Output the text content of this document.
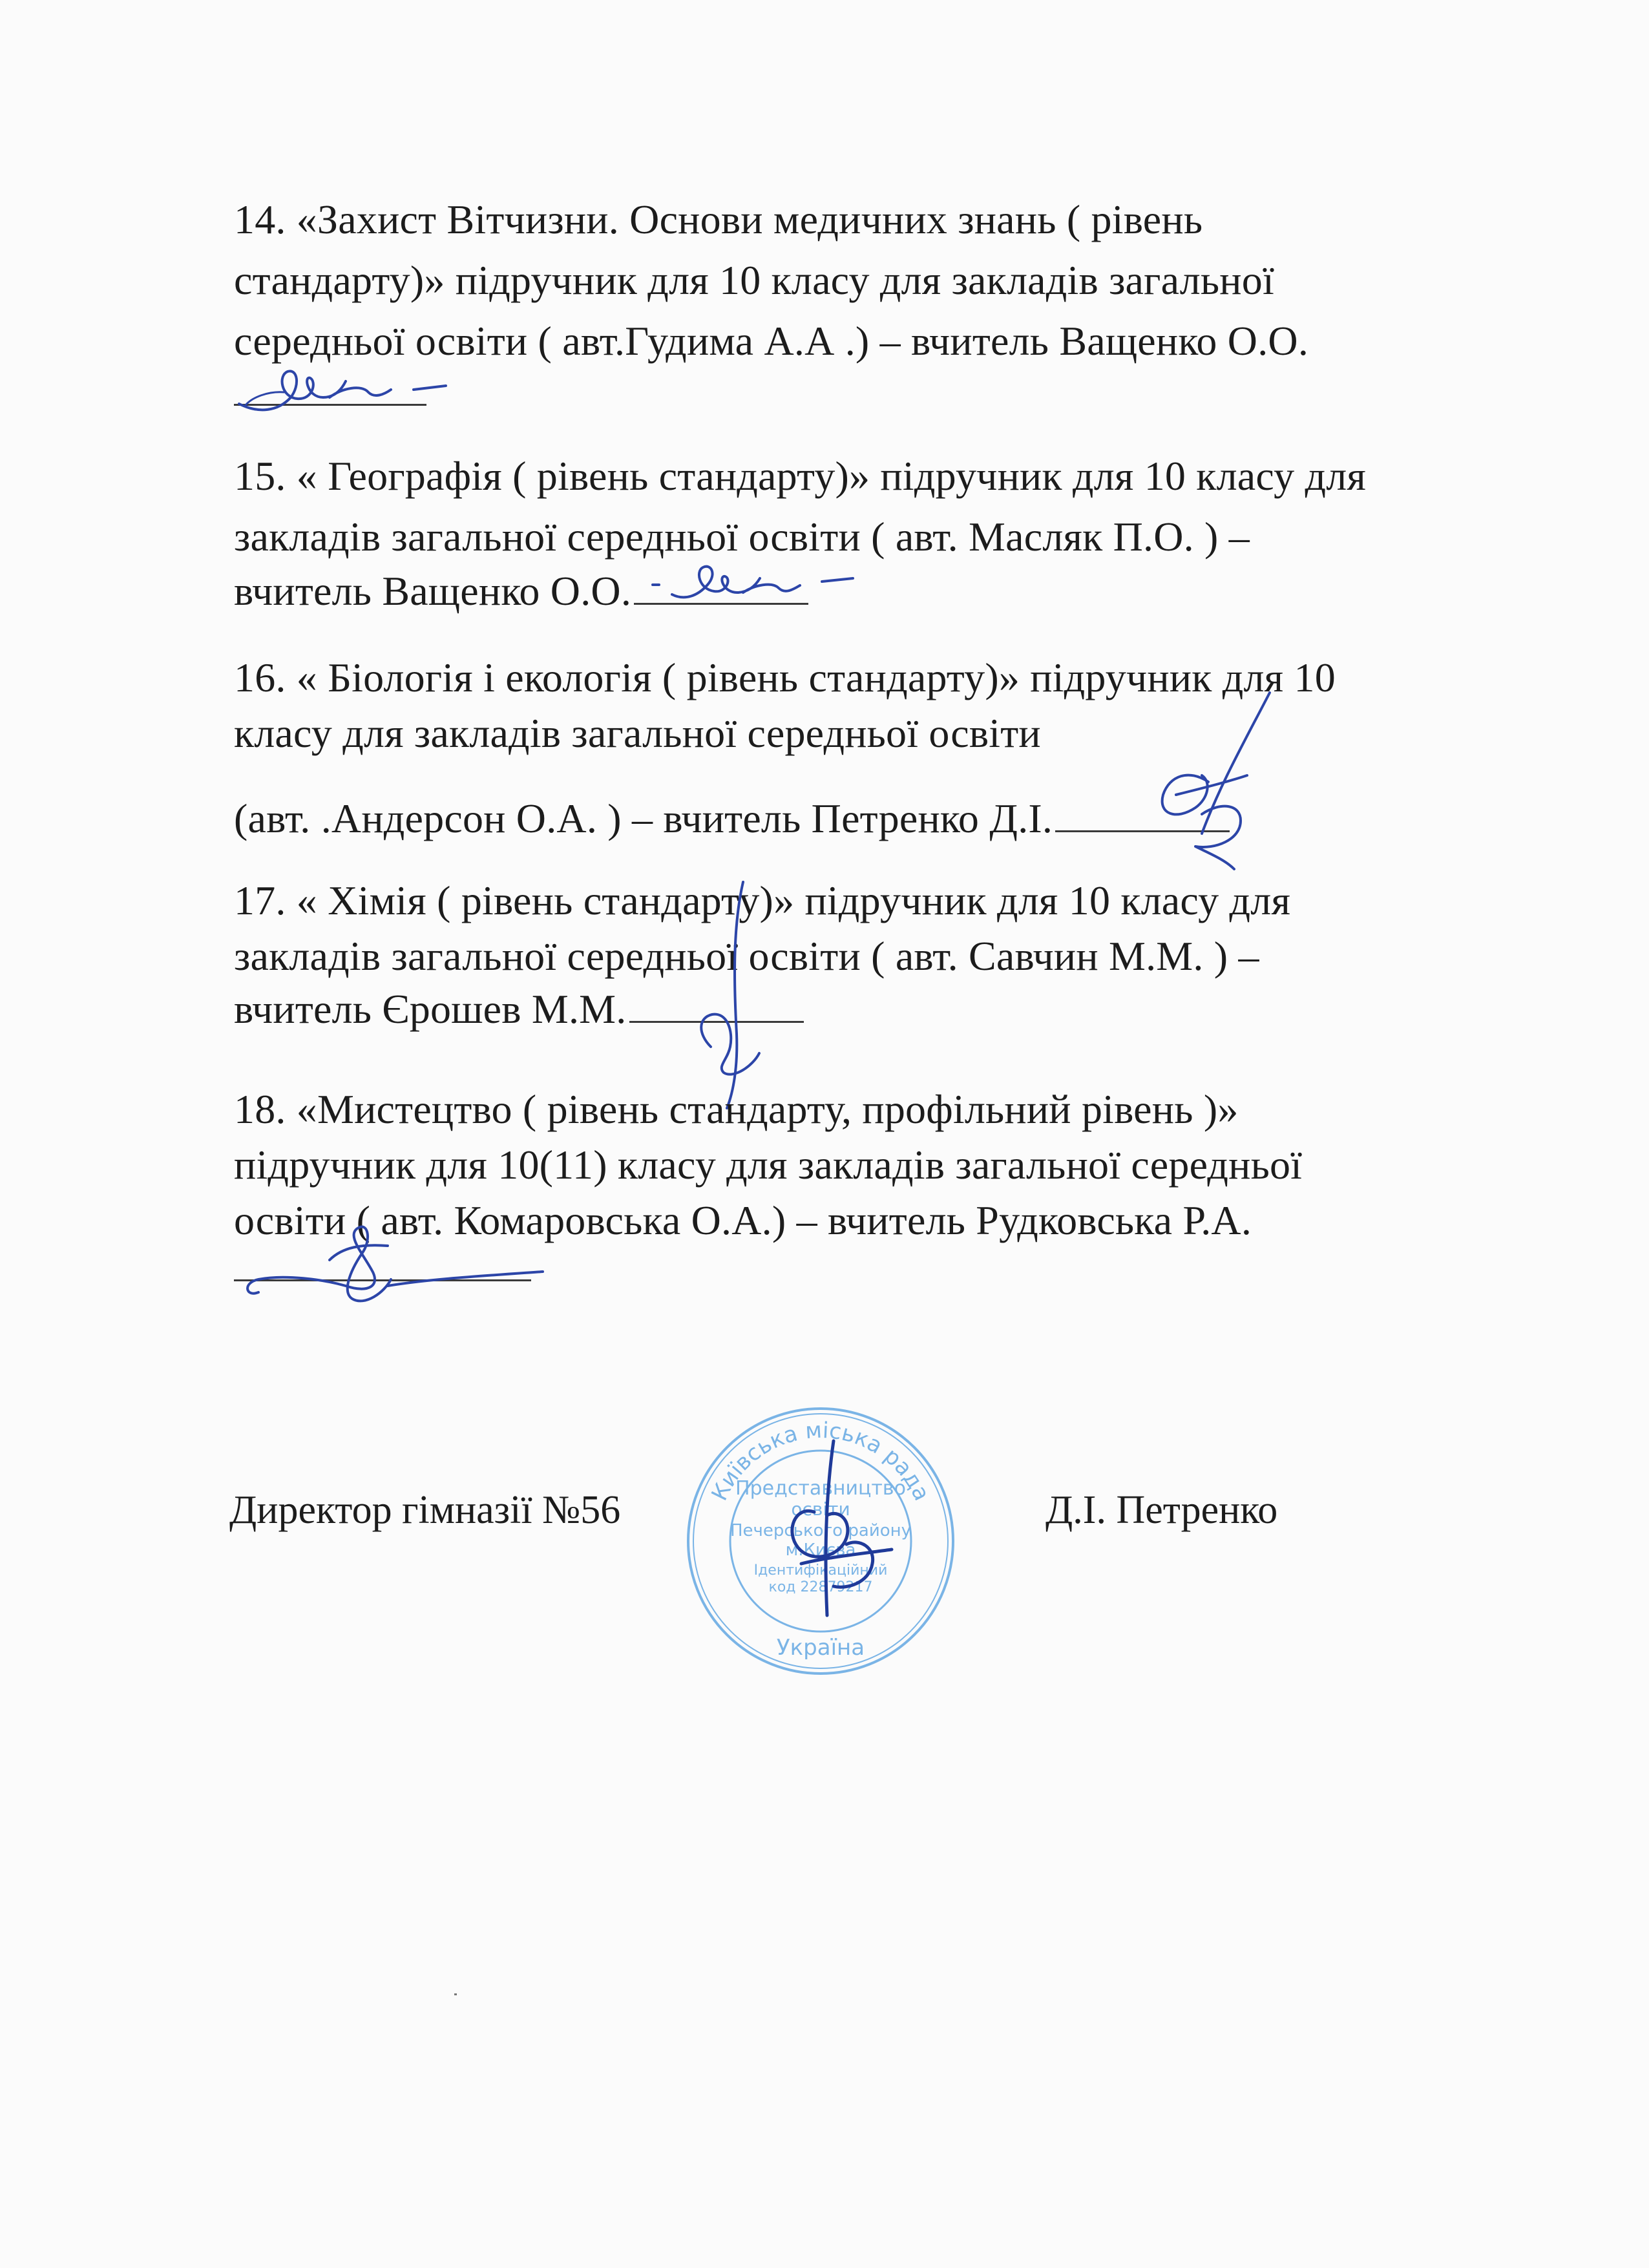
14. «Захист Вітчизни. Основи медичних знань ( рівень
стандарту)» підручник для 10 класу для закладів загальної
середньої освіти ( авт.Гудима А.А .) – вчитель Ващенко О.О.
15. « Географія ( рівень стандарту)» підручник для 10 класу для
закладів загальної середньої освіти ( авт. Масляк П.О. ) –
вчитель Ващенко О.О.
16. « Біологія і екологія ( рівень стандарту)» підручник для 10
класу для закладів загальної середньої освіти
(авт. .Андерсон О.А. ) – вчитель Петренко Д.І.
17. « Хімія ( рівень стандарту)» підручник для 10 класу для
закладів загальної середньої освіти ( авт. Савчин М.М. ) –
вчитель Єрошев М.М.
18. «Мистецтво ( рівень стандарту, профільний рівень )»
підручник для 10(11) класу для закладів загальної середньої
освіти ( авт. Комаровська О.А.) – вчитель Рудковська Р.А.
Київська міська рада
Представництво
освіти
Печерського району
м.Києва
Ідентифікаційний
код 22879217
Україна
Директор гімназії №56	Д.І. Петренко
